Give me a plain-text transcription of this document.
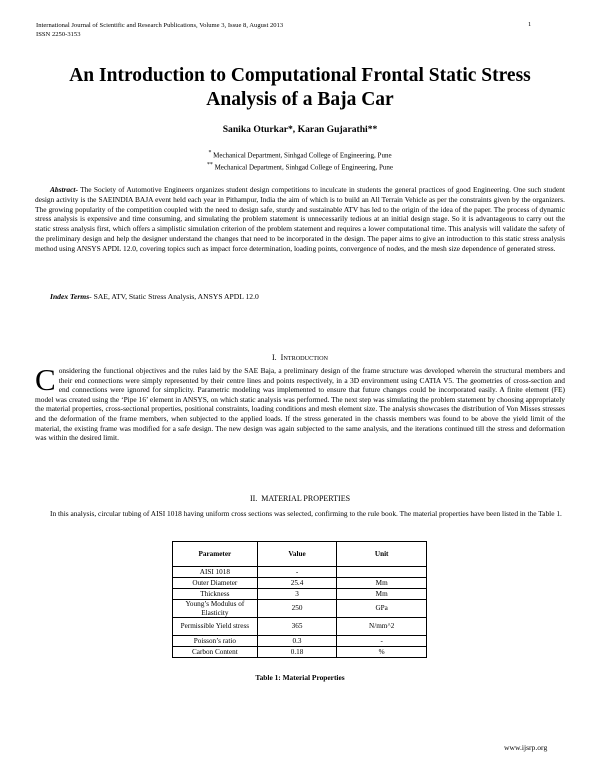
International Journal of Scientific and Research Publications, Volume 3, Issue 8, August 2013
ISSN 2250-3153
1
An Introduction to Computational Frontal Static Stress
Analysis of a Baja Car
Sanika Oturkar*, Karan Gujarathi**
* Mechanical Department, Sinhgad College of Engineering, Pune
** Mechanical Department, Sinhgad College of Engineering, Pune
Abstract- The Society of Automotive Engineers organizes student design competitions to inculcate in students the general practices of good Engineering. One such student design activity is the SAEINDIA BAJA event held each year in Pithampur, India the aim of which is to build an All Terrain Vehicle as per the constraints given by the organizers. The growing popularity of the competition coupled with the need to design safe, sturdy and sustainable ATV has led to the origin of the idea of the paper. The process of dynamic stress analysis is expensive and time consuming, and simulating the problem statement is unnecessarily tedious at an initial design stage. So it is advantageous to carry out the static stress analysis first, which offers a simplistic simulation criterion of the problem statement and requires a lower computational time. This analysis will validate the safety of the preliminary design and help the designer understand the changes that need to be incorporated in the design. The paper aims to give an introduction to this static stress analysis method using ANSYS APDL 12.0, covering topics such as impact force determination, loading points, convergence of nodes, and the mesh size dependence of generated stress.
Index Terms- SAE, ATV, Static Stress Analysis, ANSYS APDL 12.0
I. INTRODUCTION
Considering the functional objectives and the rules laid by the SAE Baja, a preliminary design of the frame structure was developed wherein the structural members and their end connections were simply represented by their centre lines and points respectively, in a 3D environment using CATIA V5. The geometries of cross-section and end connections were ignored for simplicity. Parametric modeling was implemented to ensure that future changes could be incorporated easily. A finite element (FE) model was created using the ‘Pipe 16’ element in ANSYS, on which static analysis was performed. The next step was simulating the problem statement by choosing appropriately the material properties, cross-sectional properties, positional constraints, loading conditions and mesh element size. The analysis showcases the distribution of Von Misses stresses and the deformation of the frame members, when subjected to the applied loads. If the stress generated in the chassis members was found to be above the yield limit of the material, the existing frame was modified for a safe design. The new design was again subjected to the same analysis, and the iterations continued till the stress and deformation was within the desired limit.
II. MATERIAL PROPERTIES
In this analysis, circular tubing of AISI 1018 having uniform cross sections was selected, confirming to the rule book. The material properties have been listed in the Table 1.
Parameter	Value	Unit
AISI 1018	-	
Outer Diameter	25.4	Mm
Thickness	3	Mm
Young’s Modulus of Elasticity	250	GPa
Permissible Yield stress	365	N/mm^2
Poisson’s ratio	0.3	-
Carbon Content	0.18	%
Table 1: Material Properties
www.ijsrp.org
